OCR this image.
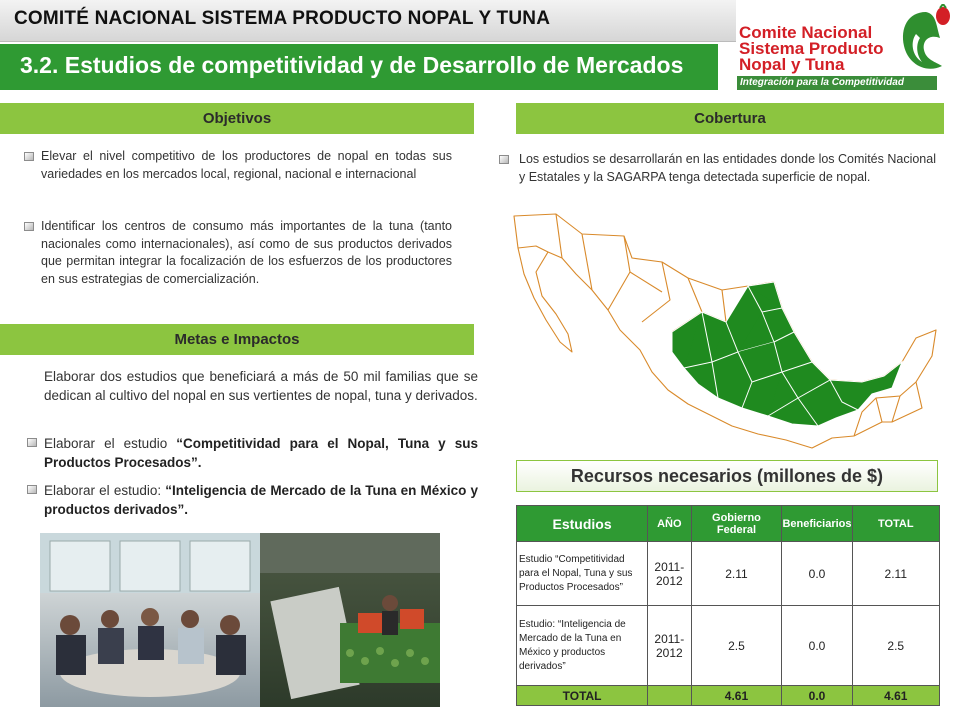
COMITÉ NACIONAL SISTEMA PRODUCTO NOPAL Y TUNA
3.2. Estudios de competitividad y de Desarrollo de Mercados
Comite Nacional
Sistema Producto
Nopal y Tuna
Integración para la Competitividad
Objetivos
Elevar el nivel competitivo de los productores de nopal en todas sus variedades en los mercados local, regional, nacional e internacional
Identificar los centros de consumo más importantes de la tuna (tanto nacionales como internacionales), así como de sus productos derivados que permitan integrar la focalización de los esfuerzos de los productores en sus estrategias de comercialización.
Cobertura
Los estudios se desarrollarán en las entidades donde los Comités Nacional y Estatales y la SAGARPA tenga detectada superficie de nopal.
Metas e Impactos
Elaborar dos estudios que beneficiará a más de 50 mil familias que se dedican al cultivo del nopal en sus vertientes de nopal, tuna y derivados.
Elaborar el estudio “Competitividad para el Nopal, Tuna y sus Productos Procesados”.
Elaborar el estudio: “Inteligencia de Mercado de la Tuna en México y productos derivados”.
Recursos necesarios (millones de $)
Estudios	AÑO	Gobierno Federal	Beneficiarios	TOTAL
Estudio “Competitividad para el Nopal, Tuna y sus Productos Procesados”	2011-2012	2.11	0.0	2.11
Estudio: “Inteligencia de Mercado de la Tuna en México y productos derivados”	2011-2012	2.5	0.0	2.5
TOTAL		4.61	0.0	4.61
